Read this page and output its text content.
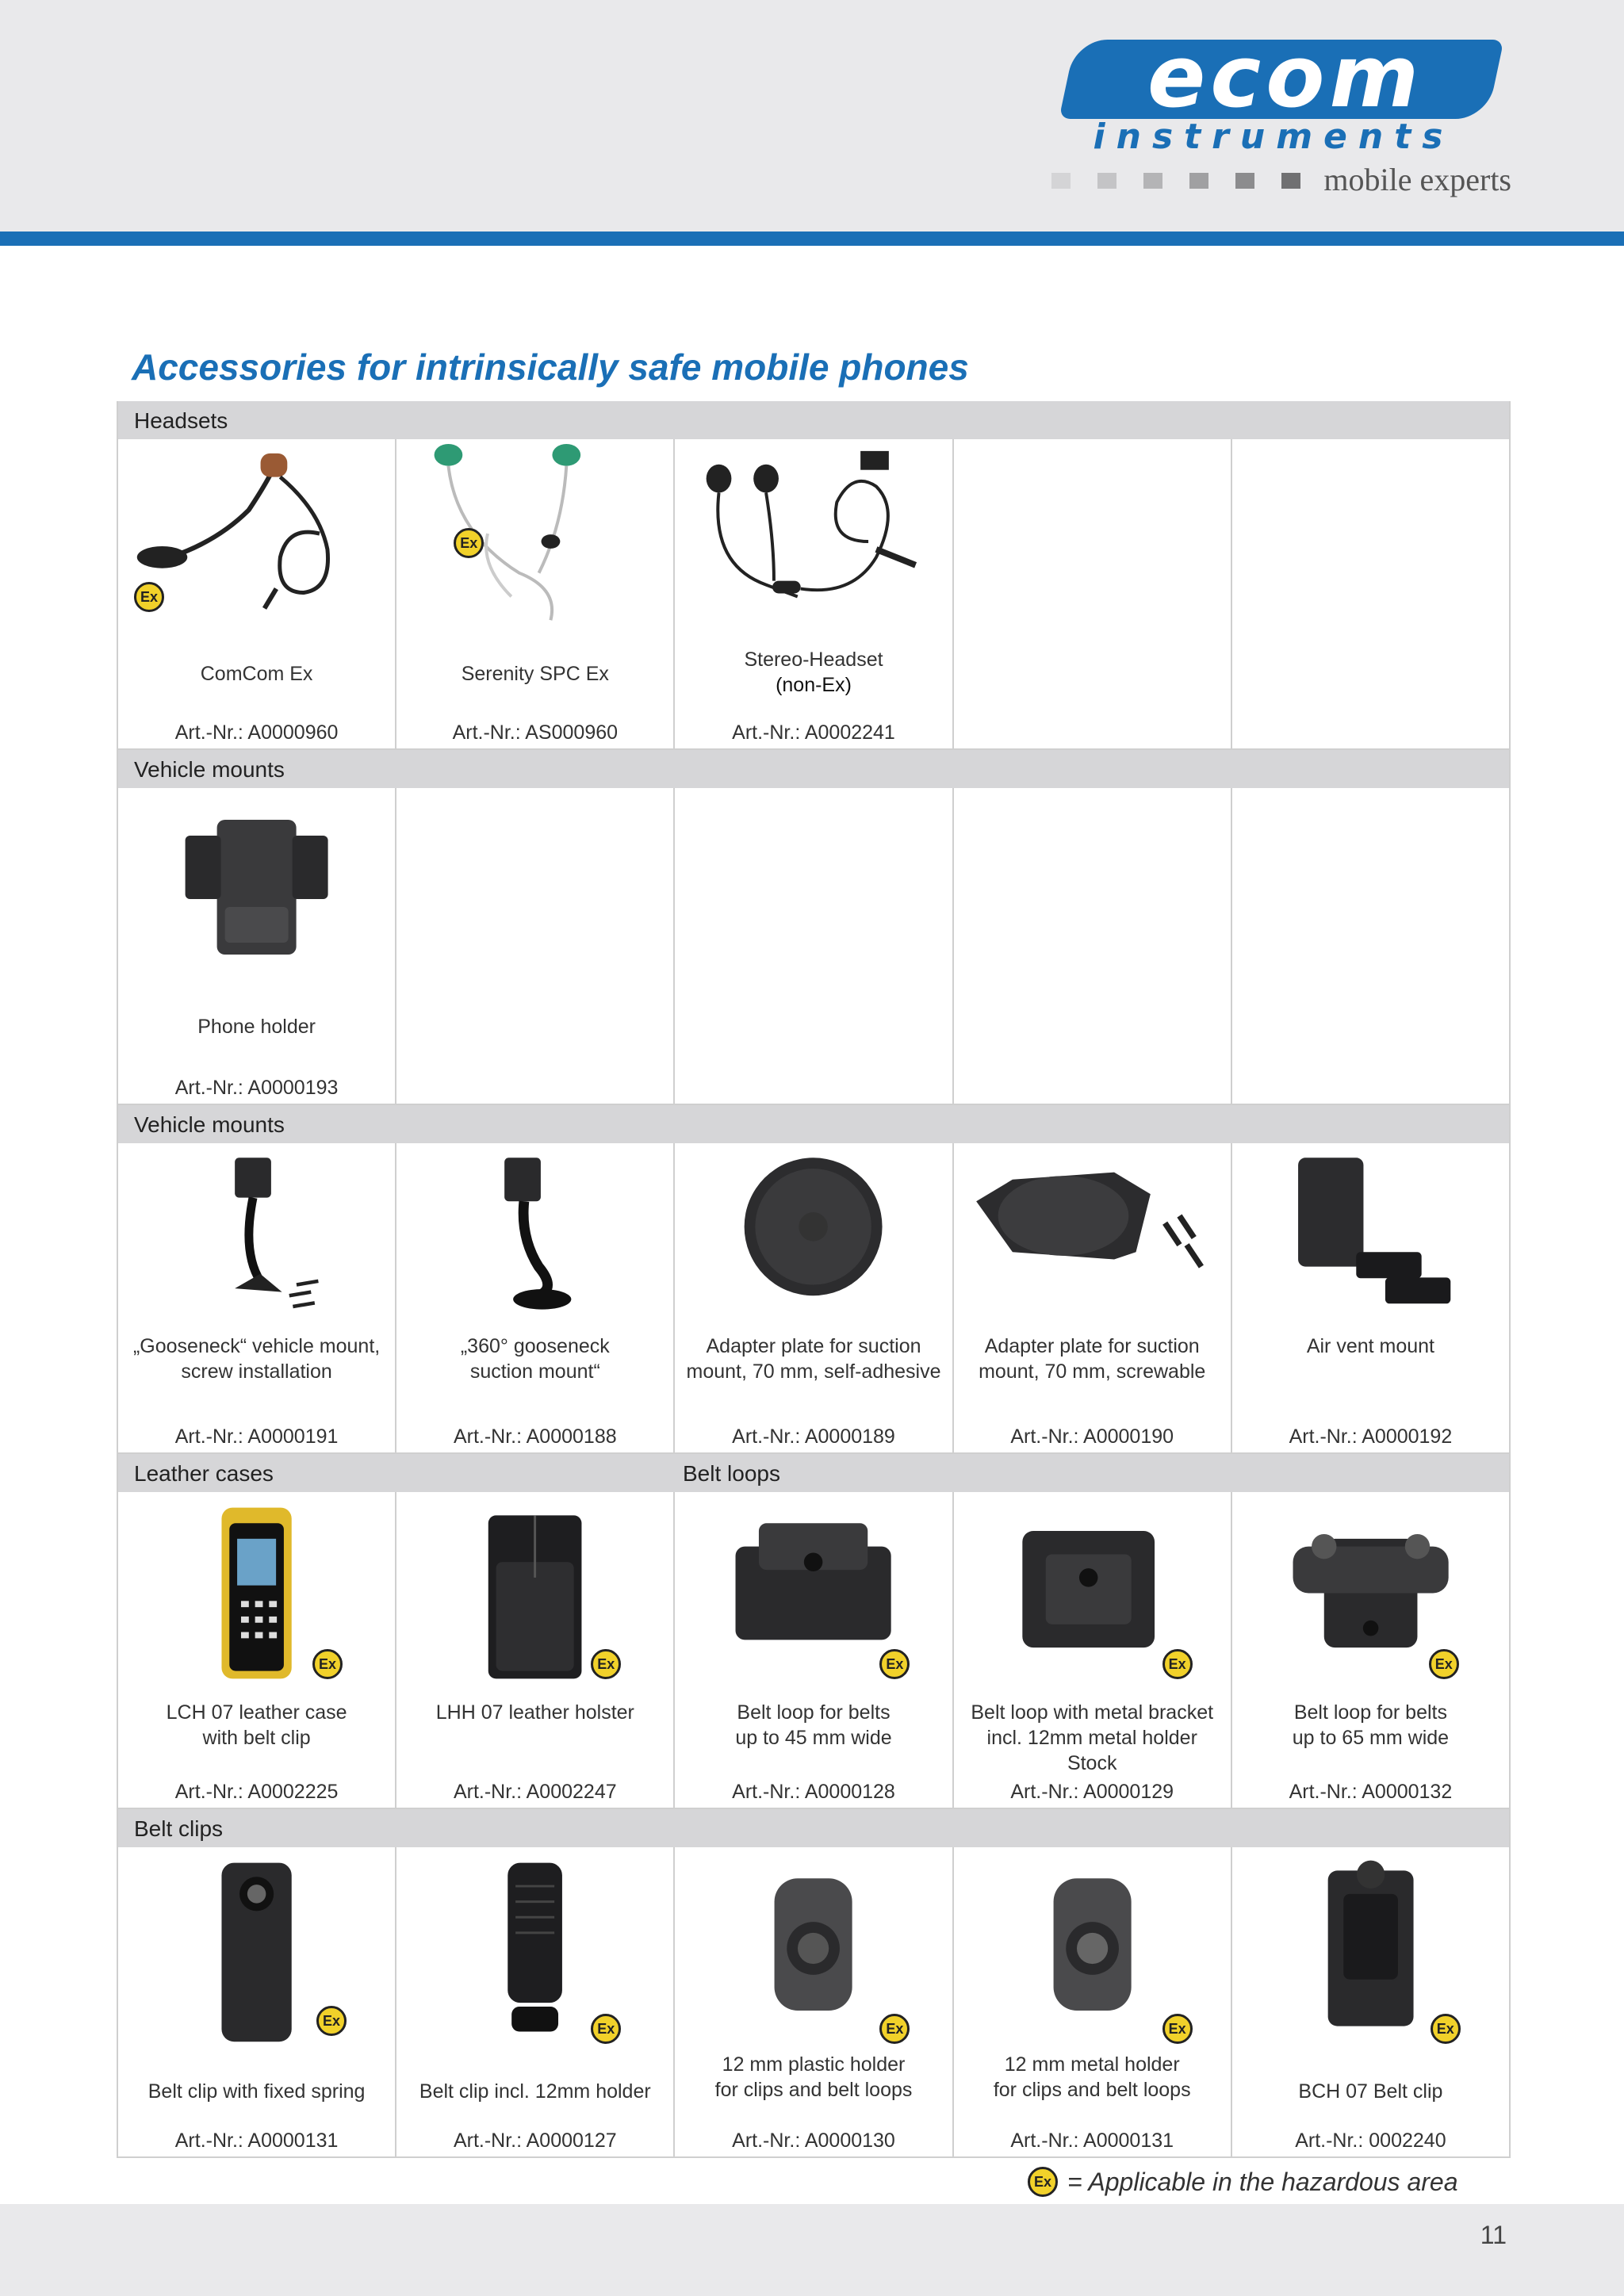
ecom
instruments
mobile experts
Accessories for intrinsically safe mobile phones
Headsets
Ex
ComCom Ex
Art.-Nr.: A0000960
Ex
Serenity SPC Ex
Art.-Nr.: AS000960
Stereo-Headset
(non-Ex)
Art.-Nr.: A0002241
Vehicle mounts
Phone holder
Art.-Nr.: A0000193
Vehicle mounts
„Gooseneck“ vehicle mount,
screw installation
Art.-Nr.: A0000191
„360° gooseneck
suction mount“
Art.-Nr.: A0000188
Adapter plate for suction
mount, 70 mm, self-adhesive
Art.-Nr.: A0000189
Adapter plate for suction
mount, 70 mm, screwable
Art.-Nr.: A0000190
Air vent mount
Art.-Nr.: A0000192
Leather cases	Belt loops
Ex
LCH 07 leather case
with belt clip
Art.-Nr.: A0002225
Ex
LHH 07 leather holster
Art.-Nr.: A0002247
Ex
Belt loop for belts
up to 45 mm wide
Art.-Nr.: A0000128
Ex
Belt loop with metal bracket
incl. 12mm metal holder Stock
Art.-Nr.: A0000129
Ex
Belt loop for belts
up to 65 mm wide
Art.-Nr.: A0000132
Belt clips
Ex
Belt clip with fixed spring
Art.-Nr.: A0000131
Ex
Belt clip incl. 12mm holder
Art.-Nr.: A0000127
Ex
12 mm plastic holder
for clips and belt loops
Art.-Nr.: A0000130
Ex
12 mm metal holder
for clips and belt loops
Art.-Nr.: A0000131
Ex
BCH 07 Belt clip
Art.-Nr.: 0002240
Ex = Applicable in the hazardous area
11
